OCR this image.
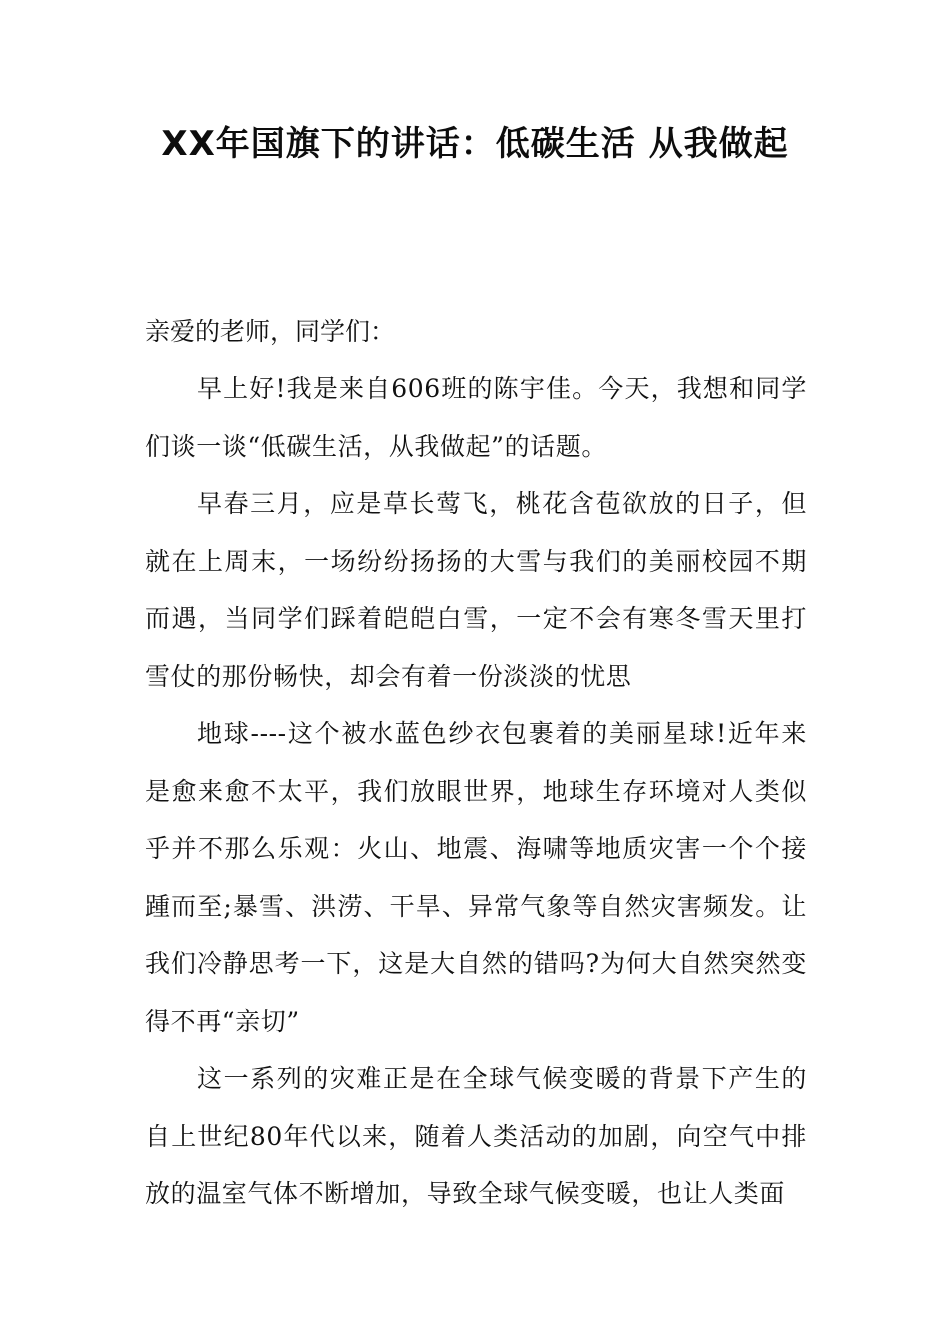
XX年国旗下的讲话：低碳生活 从我做起

亲爱的老师，同学们：

早上好!我是来自606班的陈宇佳。今天，我想和同学们谈一谈“低碳生活，从我做起”的话题。

早春三月，应是草长莺飞，桃花含苞欲放的日子，但就在上周末，一场纷纷扬扬的大雪与我们的美丽校园不期而遇，当同学们踩着皑皑白雪，一定不会有寒冬雪天里打雪仗的那份畅快，却会有着一份淡淡的忧思

地球----这个被水蓝色纱衣包裹着的美丽星球!近年来是愈来愈不太平，我们放眼世界，地球生存环境对人类似乎并不那么乐观：火山、地震、海啸等地质灾害一个个接踵而至;暴雪、洪涝、干旱、异常气象等自然灾害频发。让我们冷静思考一下，这是大自然的错吗?为何大自然突然变得不再“亲切”

这一系列的灾难正是在全球气候变暖的背景下产生的自上世纪80年代以来，随着人类活动的加剧，向空气中排放的温室气体不断增加，导致全球气候变暖，也让人类面
